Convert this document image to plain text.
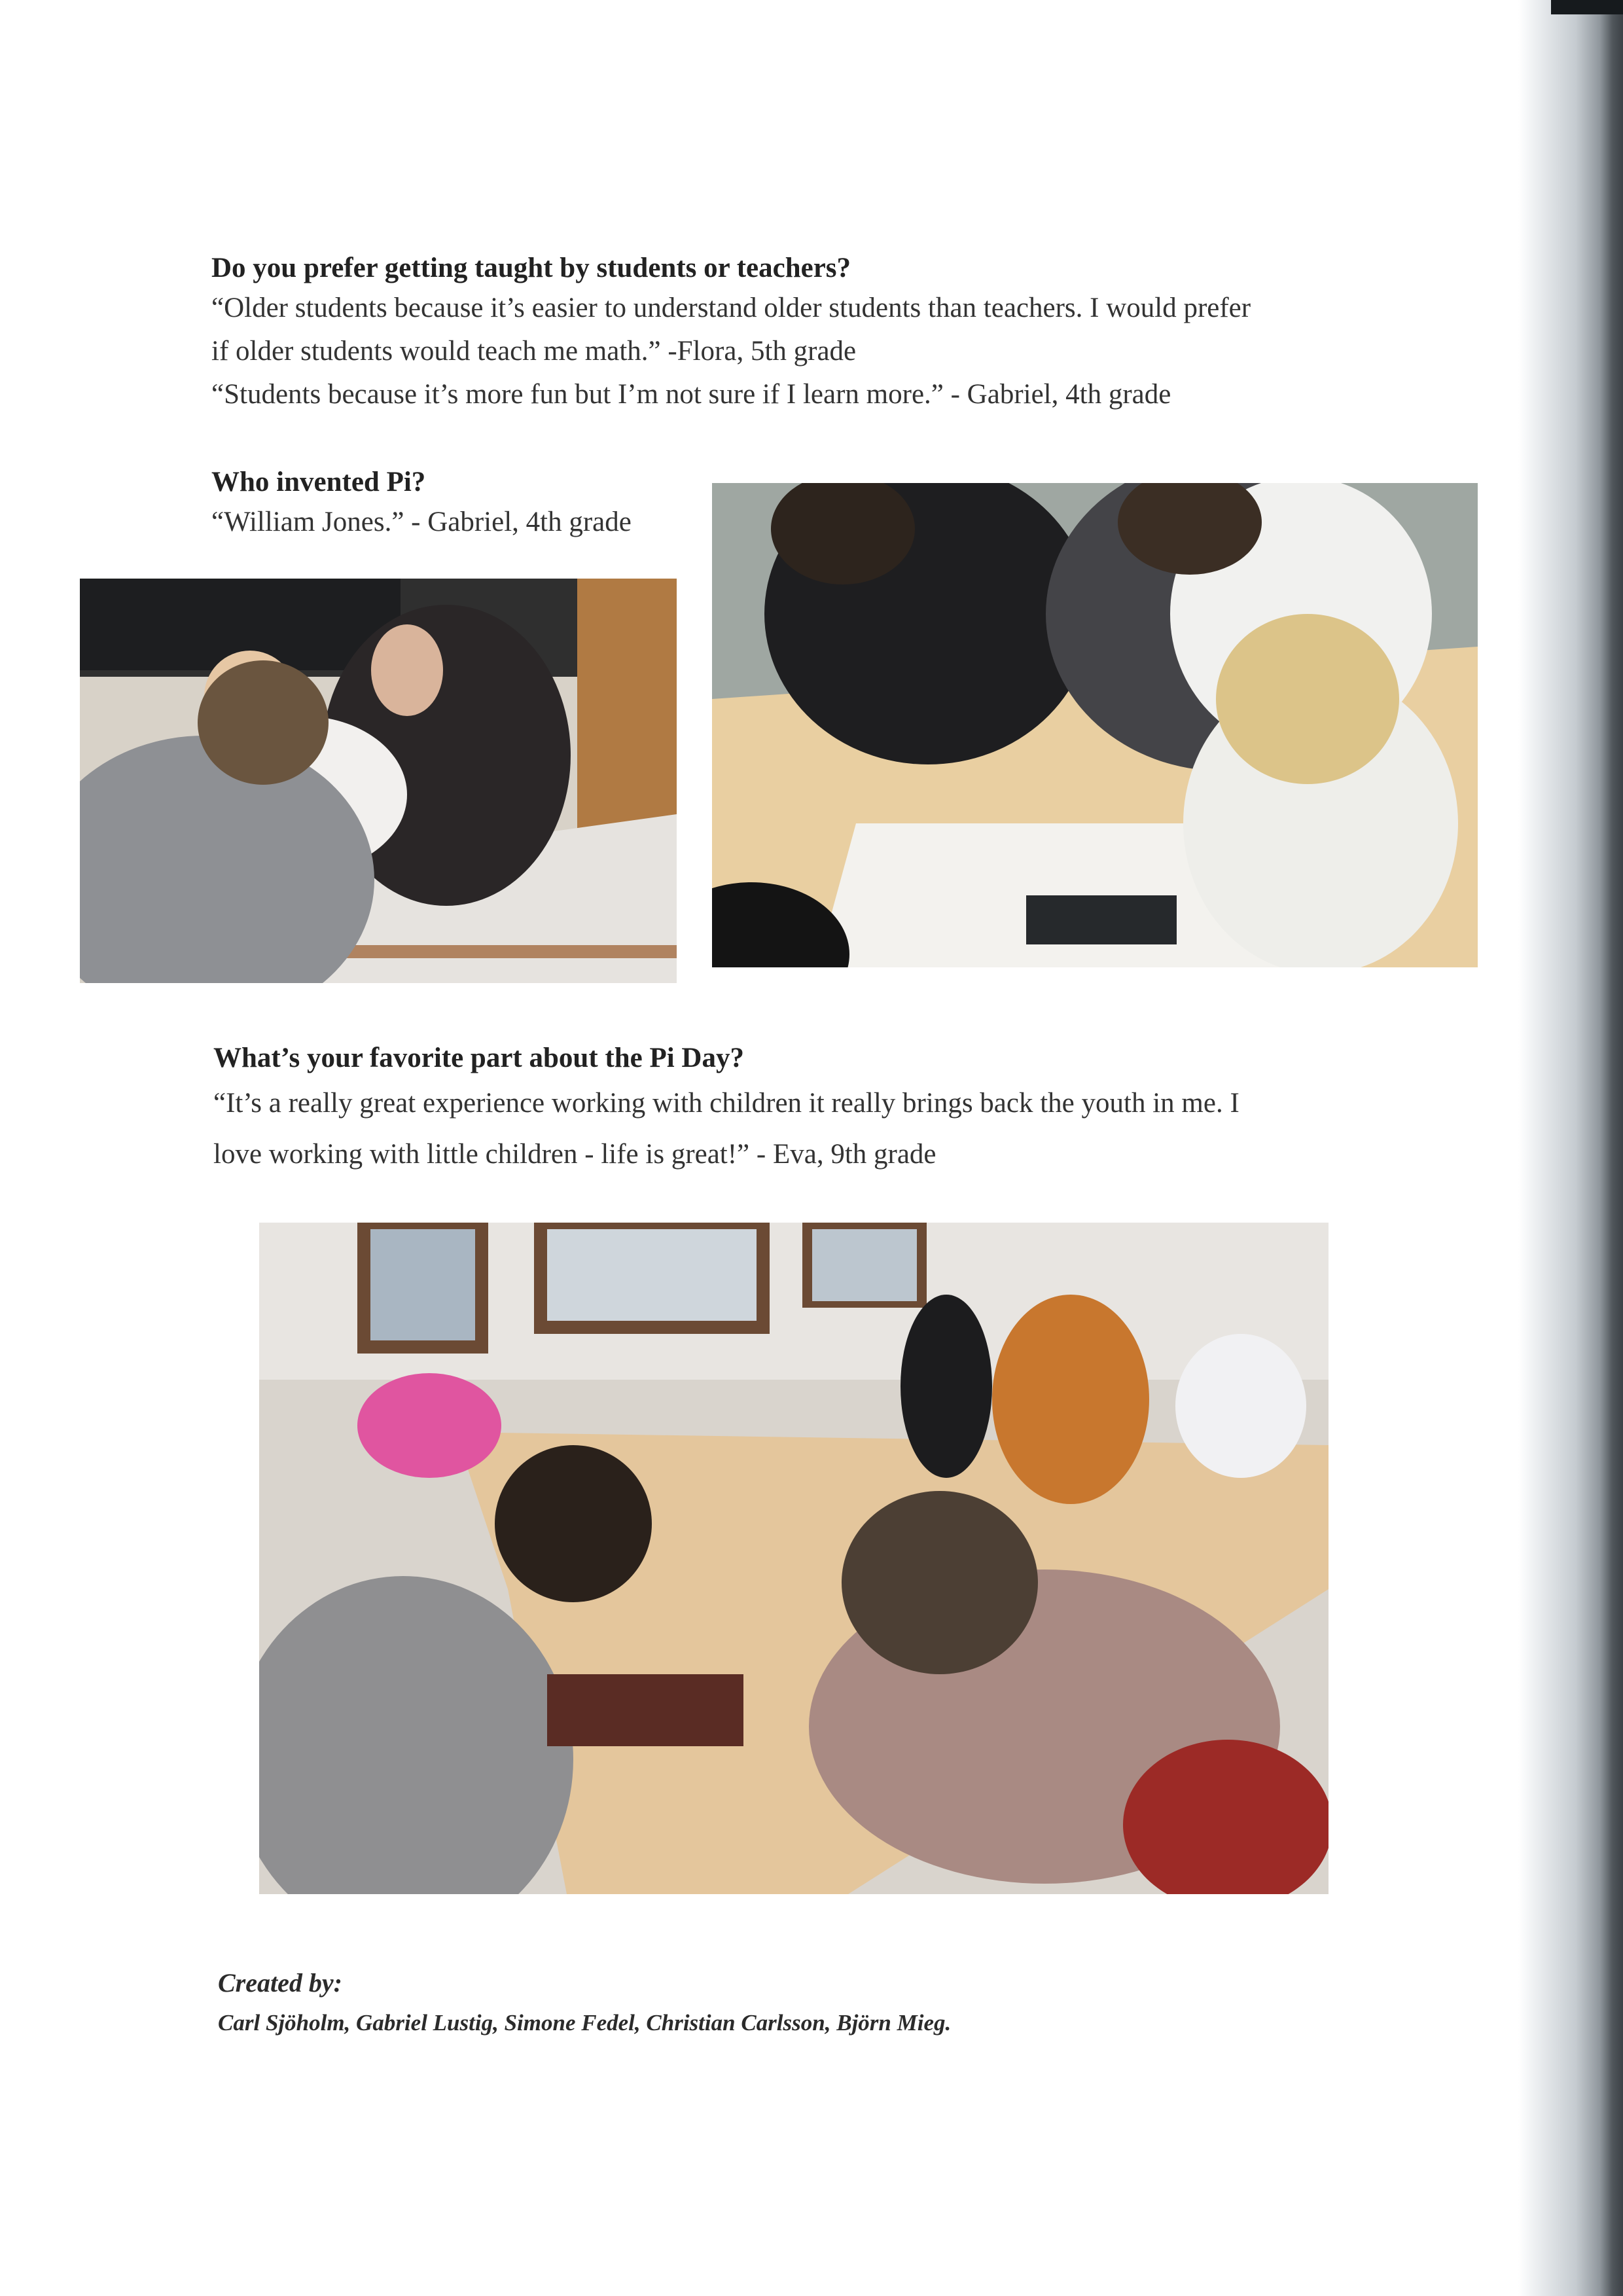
Do you prefer getting taught by students or teachers?
“Older students because it’s easier to understand older students than teachers. I would prefer
if older students would teach me math.” -Flora, 5th grade
“Students because it’s more fun but I’m not sure if I learn more.” - Gabriel, 4th grade
Who invented Pi?
“William Jones.” - Gabriel, 4th grade
What’s your favorite part about the Pi Day?
“It’s a really great experience working with children it really brings back the youth in me. I
love working with little children - life is great!” - Eva, 9th grade
Created by:
Carl Sjöholm, Gabriel Lustig, Simone Fedel, Christian Carlsson, Björn Mieg.
